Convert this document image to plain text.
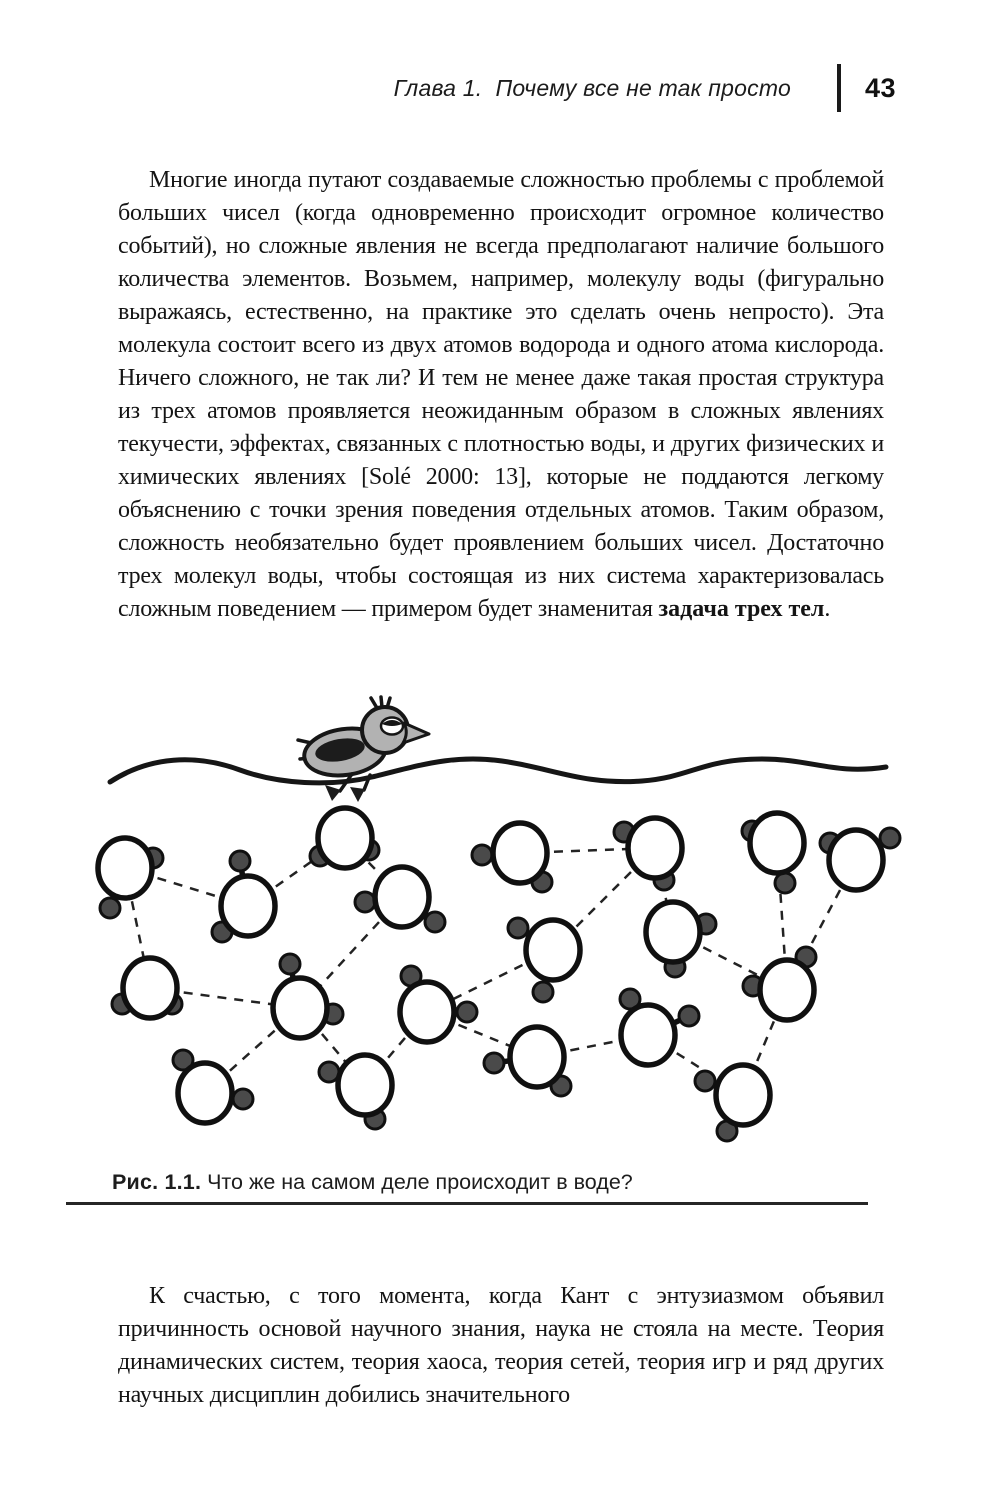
Глава 1.  Почему все не так просто	43

Многие иногда путают создаваемые сложностью проблемы с проблемой больших чисел (когда одновременно происходит огромное количество событий), но сложные явления не всегда предполагают наличие большого количества элементов. Возьмем, например, молекулу воды (фигурально выражаясь, естественно, на практике это сделать очень непросто). Эта молекула состоит всего из двух атомов водорода и одного атома кислорода. Ничего сложного, не так ли? И тем не менее даже такая простая структура из трех атомов проявляется неожиданным образом в сложных явлениях текучести, эффектах, связанных с плотностью воды, и других физических и химических явлениях [Solé 2000: 13], которые не поддаются легкому объяснению с точки зрения поведения отдельных атомов. Таким образом, сложность необязательно будет проявлением больших чисел. Достаточно трех молекул воды, чтобы состоящая из них система характеризовалась сложным поведением — примером будет знаменитая задача трех тел.

Рис. 1.1. Что же на самом деле происходит в воде?

К счастью, с того момента, когда Кант с энтузиазмом объявил причинность основой научного знания, наука не стояла на месте. Теория динамических систем, теория хаоса, теория сетей, теория игр и ряд других научных дисциплин добились значительного
